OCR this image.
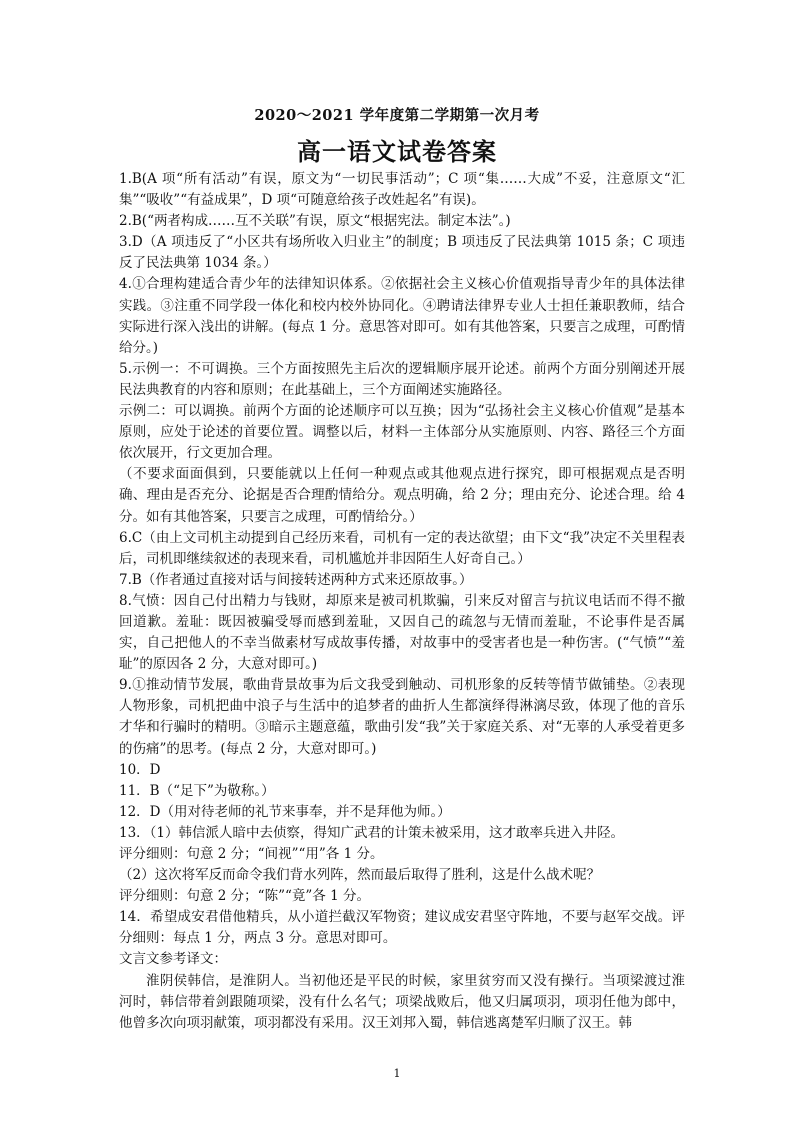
2020～2021 学年度第二学期第一次月考
高一语文试卷答案

1.B(A 项“所有活动”有误，原文为“一切民事活动”；C 项“集……大成”不妥，注意原文“汇集”“吸收”“有益成果”，D 项“可随意给孩子改姓起名”有误)。

2.B(“两者构成……互不关联”有误，原文“根据宪法。制定本法”。)

3.D（A 项违反了“小区共有场所收入归业主”的制度；B 项违反了民法典第 1015 条；C 项违反了民法典第 1034 条。）

4.①合理构建适合青少年的法律知识体系。②依据社会主义核心价值观指导青少年的具体法律实践。③注重不同学段一体化和校内校外协同化。④聘请法律界专业人士担任兼职教师，结合实际进行深入浅出的讲解。(每点 1 分。意思答对即可。如有其他答案，只要言之成理，可酌情给分。)

5.示例一：不可调换。三个方面按照先主后次的逻辑顺序展开论述。前两个方面分别阐述开展民法典教育的内容和原则；在此基础上，三个方面阐述实施路径。

示例二：可以调换。前两个方面的论述顺序可以互换；因为“弘扬社会主义核心价值观”是基本原则，应处于论述的首要位置。调整以后，材料一主体部分从实施原则、内容、路径三个方面依次展开，行文更加合理。

（不要求面面俱到，只要能就以上任何一种观点或其他观点进行探究，即可根据观点是否明确、理由是否充分、论据是否合理酌情给分。观点明确，给 2 分；理由充分、论述合理。给 4 分。如有其他答案，只要言之成理，可酌情给分。）

6.C（由上文司机主动提到自己经历来看，司机有一定的表达欲望；由下文“我”决定不关里程表后，司机即继续叙述的表现来看，司机尴尬并非因陌生人好奇自己。）

7.B（作者通过直接对话与间接转述两种方式来还原故事。）

8.气愤：因自己付出精力与钱财，却原来是被司机欺骗，引来反对留言与抗议电话而不得不撤回道歉。羞耻：既因被骗受辱而感到羞耻，又因自己的疏忽与无情而羞耻，不论事件是否属实，自己把他人的不幸当做素材写成故事传播，对故事中的受害者也是一种伤害。(“气愤”“羞耻”的原因各 2 分，大意对即可。)

9.①推动情节发展，歌曲背景故事为后文我受到触动、司机形象的反转等情节做铺垫。②表现人物形象，司机把曲中浪子与生活中的追梦者的曲折人生都演绎得淋漓尽致，体现了他的音乐才华和行骗时的精明。③暗示主题意蕴，歌曲引发“我”关于家庭关系、对“无辜的人承受着更多的伤痛”的思考。(每点 2 分，大意对即可。)

10．D

11．B（“足下”为敬称。）

12．D（用对待老师的礼节来事奉，并不是拜他为师。）

13．（1）韩信派人暗中去侦察，得知广武君的计策未被采用，这才敢率兵进入井陉。

评分细则：句意 2 分；“间视”“用”各 1 分。

（2）这次将军反而命令我们背水列阵，然而最后取得了胜利，这是什么战术呢？

评分细则：句意 2 分；“陈”“竟”各 1 分。

14．希望成安君借他精兵，从小道拦截汉军物资；建议成安君坚守阵地，不要与赵军交战。评分细则：每点 1 分，两点 3 分。意思对即可。

文言文参考译文：

淮阴侯韩信，是淮阴人。当初他还是平民的时候，家里贫穷而又没有操行。当项梁渡过淮河时，韩信带着剑跟随项梁，没有什么名气；项梁战败后，他又归属项羽，项羽任他为郎中，他曾多次向项羽献策，项羽都没有采用。汉王刘邦入蜀，韩信逃离楚军归顺了汉王。韩

1
